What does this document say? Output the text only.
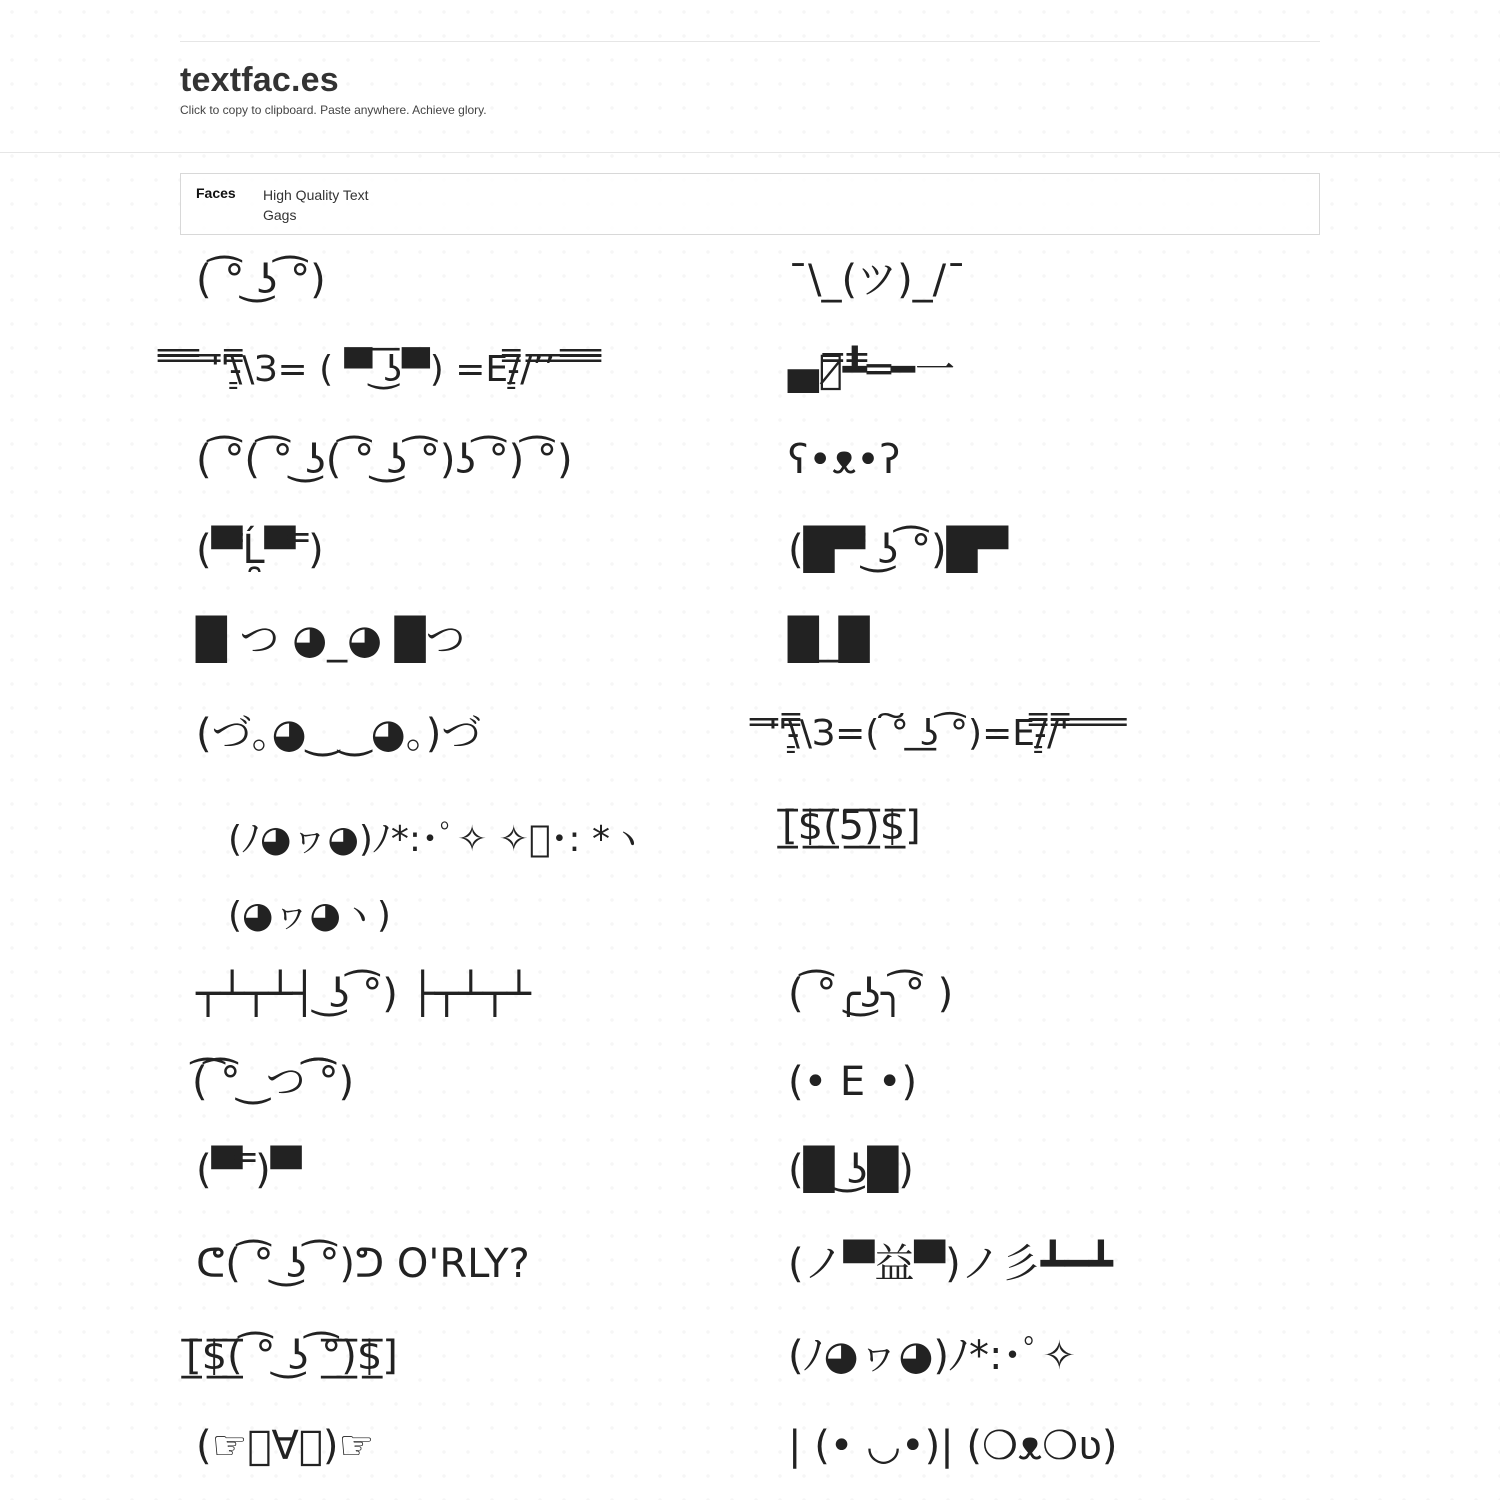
textfac.es
Click to copy to clipboard. Paste anywhere. Achieve glory.
Faces High Quality Text
Gags
( ͡° ͜ʖ ͡°)	¯\_(ツ)_/¯
̿̿ ̿̿ ̿̿ ̿'̿'\̵͇̿̿\З= ( ▀ ͜͞ʖ▀) =Ε/̵͇̿̿/’̿’̿ ̿ ̿̿ ̿̿ ̿̿	▄︻̷̿┻̿═━一
( ͡°( ͡° ͜ʖ( ͡° ͜ʖ ͡°)ʖ ͡°) ͡°)	ʕ•ᴥ•ʔ
(▀̿Ĺ̯▀̿ ̿)	(█▀̿ ͜ʖ ͡°)█▀
█ つ ◕_◕ █つ	█_█
(づ｡◕‿‿◕｡)づ	̿'̿'\̵͇̿̿\З=( ͠° ͟ʖ ͡°)=Ε/̵͇̿̿/'̿̿ ̿ ̿ ̿ ̿ ̿
(ﾉ◕ヮ◕)ﾉ*:･ﾟ✧ ✧ﾟ･: *ヽ(◕ヮ◕ヽ)
[̲̅$̲̅(̲̅5̲̅)̲̅$̲̅]
┬┴┬┴┤ ͜ʖ ͡°) ├┬┴┬┴	( ͡°╭͜ʖ╮͡° )
(͡ ͡° ͜ つ ͡͡°)	(• Ε •)
(▀̿ ̿)▀	(█ ͜ʖ█)
ᕦ( ͡° ͜ʖ ͡°)ᕤ O'RLY?	(ノ▀益▀)ノ彡┻━┻
[̲̅$̲̅(̲̅ ͡° ͜ʖ ͡°̲̅)̲̅$̲̅]	(ﾉ◕ヮ◕)ﾉ*:･ﾟ✧
(☞ﾟ∀ﾟ)☞	| (• ◡•)| (❍ᴥ❍ʋ)
